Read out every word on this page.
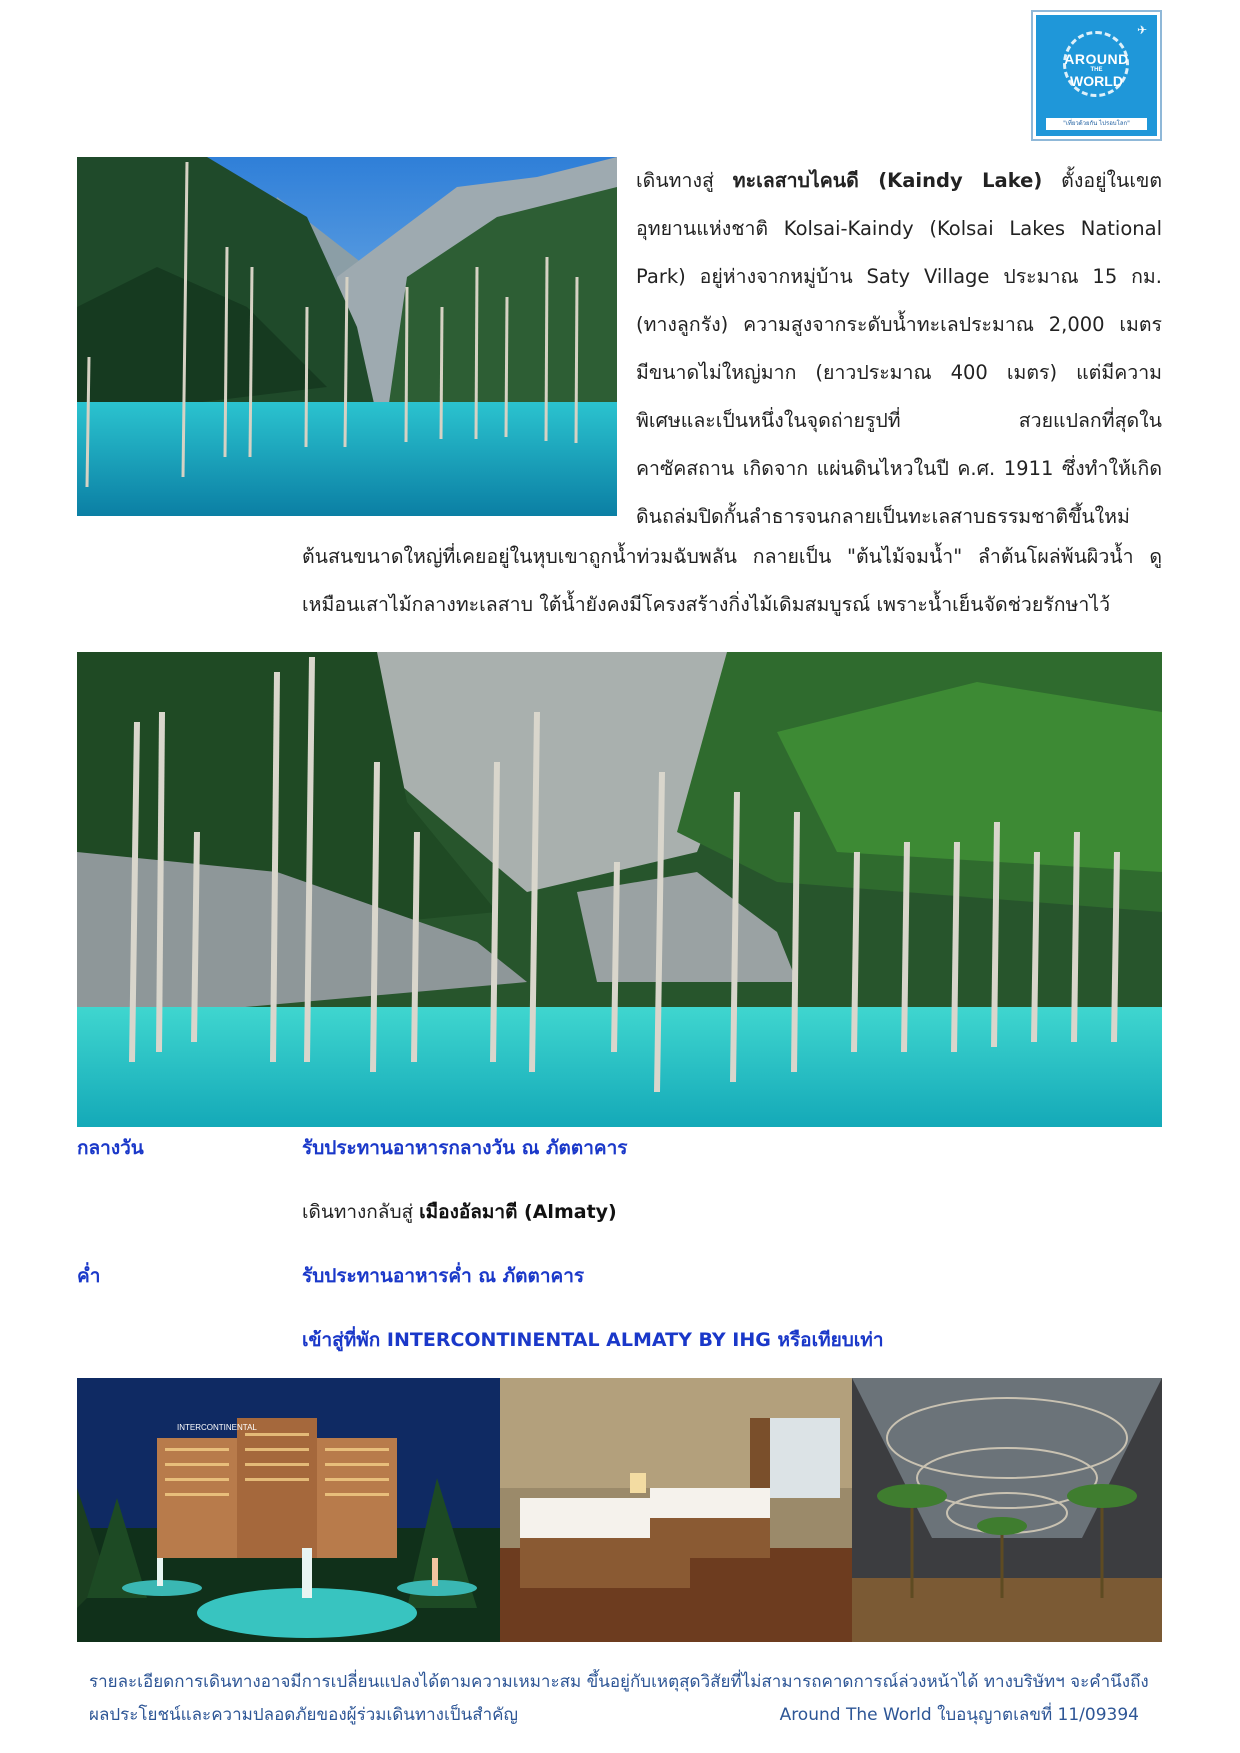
✈
AROUND
THE
WORLD
"เที่ยวด้วยกัน ไปรอบโลก"
เดินทางสู่ ทะเลสาบไคนดี (Kaindy Lake) ตั้งอยู่ในเขต
อุทยานแห่งชาติ Kolsai-Kaindy (Kolsai Lakes National
Park) อยู่ห่างจากหมู่บ้าน Saty Village ประมาณ 15 กม.
(ทางลูกรัง) ความสูงจากระดับน้ำทะเลประมาณ 2,000 เมตร
มีขนาดไม่ใหญ่มาก (ยาวประมาณ 400 เมตร) แต่มีความ
พิเศษและเป็นหนึ่งในจุดถ่ายรูปที่ สวยแปลกที่สุดใน
คาซัคสถาน เกิดจาก แผ่นดินไหวในปี ค.ศ. 1911 ซึ่งทำให้เกิด
ดินถล่มปิดกั้นลำธารจนกลายเป็นทะเลสาบธรรมชาติขึ้นใหม่
ต้นสนขนาดใหญ่ที่เคยอยู่ในหุบเขาถูกน้ำท่วมฉับพลัน กลายเป็น "ต้นไม้จมน้ำ" ลำต้นโผล่พ้นผิวน้ำ ดู
เหมือนเสาไม้กลางทะเลสาบ ใต้น้ำยังคงมีโครงสร้างกิ่งไม้เดิมสมบูรณ์ เพราะน้ำเย็นจัดช่วยรักษาไว้
กลางวัน	รับประทานอาหารกลางวัน ณ ภัตตาคาร
เดินทางกลับสู่ เมืองอัลมาตี (Almaty)
ค่ำ	รับประทานอาหารค่ำ ณ ภัตตาคาร
เข้าสู่ที่พัก INTERCONTINENTAL ALMATY BY IHG หรือเทียบเท่า
INTERCONTINENTAL
รายละเอียดการเดินทางอาจมีการเปลี่ยนแปลงได้ตามความเหมาะสม ขึ้นอยู่กับเหตุสุดวิสัยที่ไม่สามารถคาดการณ์ล่วงหน้าได้ ทางบริษัทฯ จะคำนึงถึง
ผลประโยชน์และความปลอดภัยของผู้ร่วมเดินทางเป็นสำคัญ	Around The World ใบอนุญาตเลขที่ 11/09394
